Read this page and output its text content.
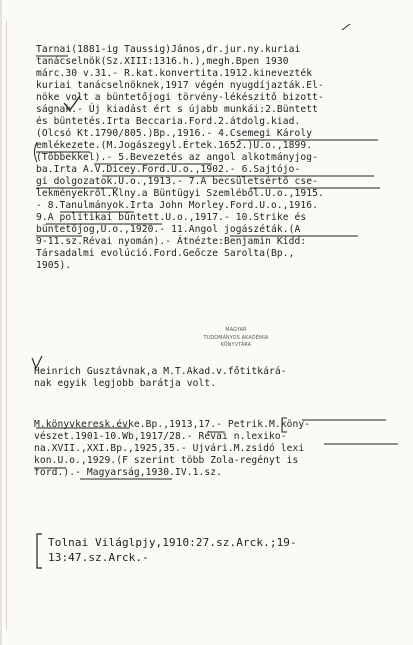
Tarnai(1881-ig Taussig)János,dr.jur.ny.kuriai
tanácselnök(Sz.XIII:1316.h.),megh.Bpen 1930
márc.30 v.31.- R.kat.konvertita.1912.kinevezték
kuriai tanácselnöknek,1917 végén nyugdíjazták.El-
nöke volt a büntetőjogi törvény-lékészitő bizott-
ságnak.- Új kiadást ért s újabb munkái:2.Büntett
és büntetés.Irta Beccaria.Ford.2.átdolg.kiad.
(Olcsó Kt.1790/805.)Bp.,1916.- 4.Csemegi Károly
emlékezete.(M.Jogászegyl.Értek.1652.)U.o.,1899.
(Többekkel).- 5.Bevezetés az angol alkotmányjog-
ba.Irta A.V.Dicey.Ford.U.o.,1902.- 6.Sajtójo-
gi dolgozatok.U.o.,1913.- 7.A becsületsértő cse-
lekményekről.Klny.a Büntügyi Szemléből.U.o.,1915.
- 8.Tanulmányok.Irta John Morley.Ford.U.o.,1916.
9.A politikai bűntett.U.o.,1917.- 10.Strike és
büntetőjog,U.o.,1920.- 11.Angol jogászéták.(A
9-11.sz.Révai nyomán).- Átnézte:Benjamin Kidd:
Társadalmi evolúció.Ford.Geőcze Sarolta(Bp.,
1905).
MAGYAR
TUDOMÁNYOS AKADÉMIA
KÖNYVTÁRA
Heinrich Gusztávnak,a M.T.Akad.v.főtitkárá-
nak egyik legjobb barátja volt.
M.könyvkeresk.évke.Bp.,1913,17.- Petrik.M.köny-
vészet.1901-10.Wb,1917/28.- Révai n.lexiko-
na.XVII.,XXI.Bp.,1925,35.- Ujvári.M.zsidó lexi
kon.U.o.,1929.(F szerint több Zola-regényt is
ford.).- Magyarság,1930.IV.1.sz.
Tolnai Világlpjy,1910:27.sz.Arck.;19-
13:47.sz.Arck.-
